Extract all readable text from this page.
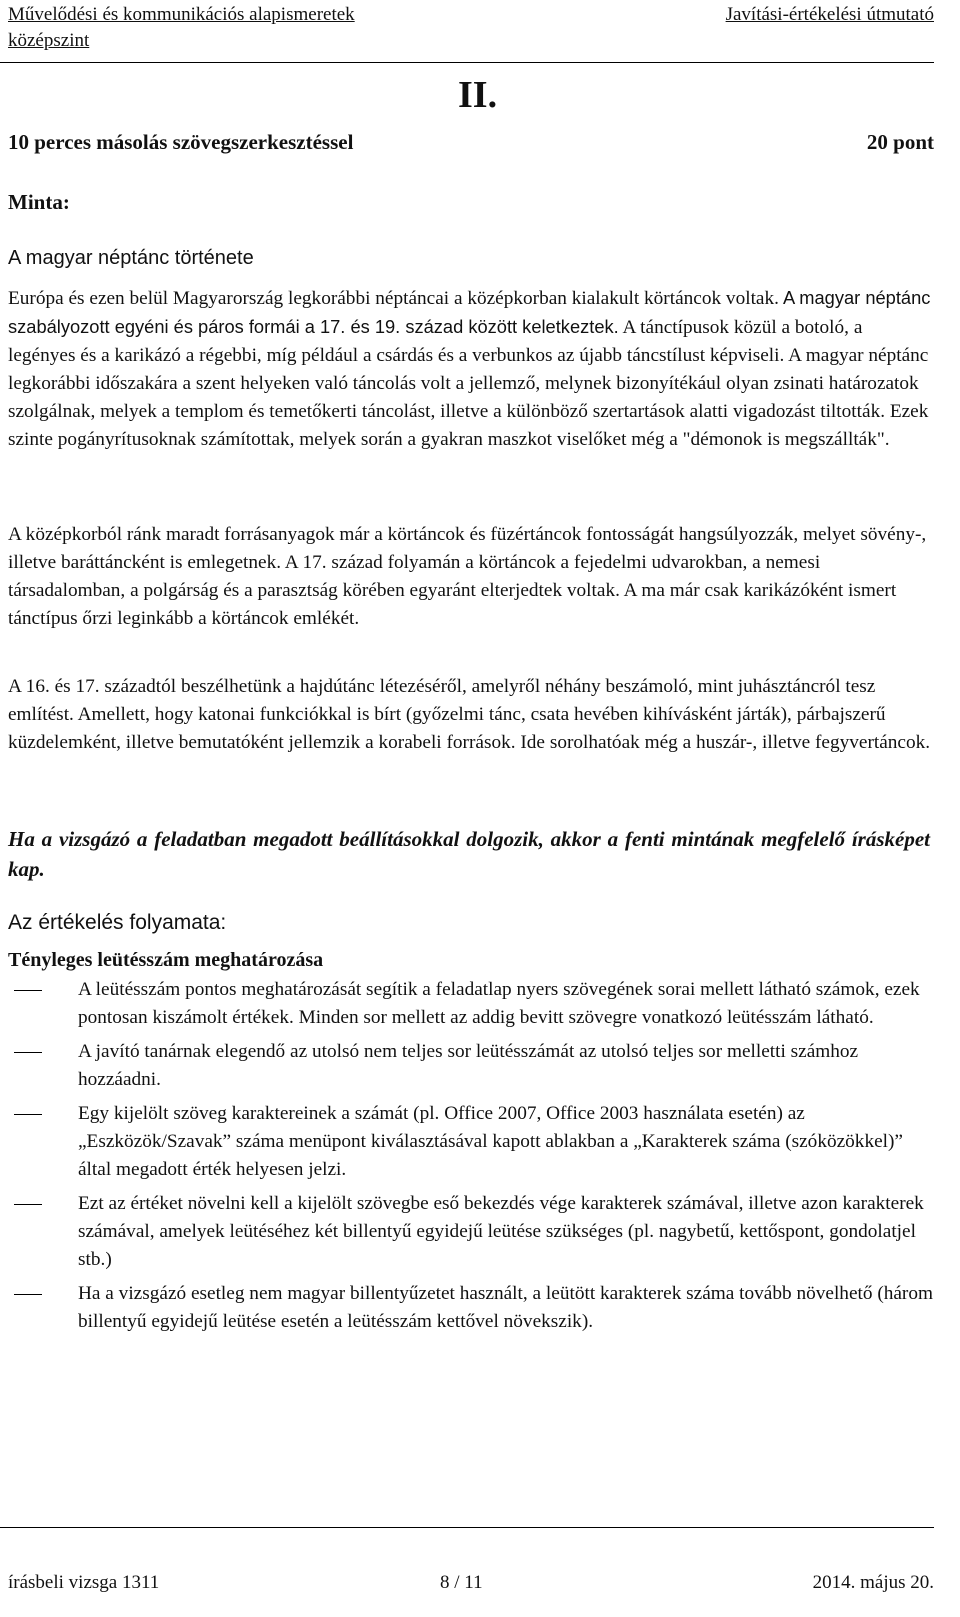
Művelődési és kommunikációs alapismeretek
középszint
Javítási-értékelési útmutató
II.
10 perces másolás szövegszerkesztéssel	20 pont
Minta:
A magyar néptánc története

Európa és ezen belül Magyarország legkorábbi néptáncai a középkorban kialakult körtáncok voltak. A magyar néptánc szabályozott egyéni és páros formái a 17. és 19. század között keletkeztek. A tánctípusok közül a botoló, a legényes és a karikázó a régebbi, míg például a csárdás és a verbunkos az újabb táncstílust képviseli. A magyar néptánc legkorábbi időszakára a szent helyeken való táncolás volt a jellemző, melynek bizonyítékául olyan zsinati határozatok szolgálnak, melyek a templom és temetőkerti táncolást, illetve a különböző szertartások alatti vigadozást tiltották. Ezek szinte pogányrítusoknak számítottak, melyek során a gyakran maszkot viselőket még a "démonok is megszállták".

A középkorból ránk maradt forrásanyagok már a körtáncok és füzértáncok fontosságát hangsúlyozzák, melyet sövény-, illetve baráttáncként is emlegetnek. A 17. század folyamán a körtáncok a fejedelmi udvarokban, a nemesi társadalomban, a polgárság és a parasztság körében egyaránt elterjedtek voltak. A ma már csak karikázóként ismert tánctípus őrzi leginkább a körtáncok emlékét.

A 16. és 17. századtól beszélhetünk a hajdútánc létezéséről, amelyről néhány beszámoló, mint juhásztáncról tesz említést. Amellett, hogy katonai funkciókkal is bírt (győzelmi tánc, csata hevében kihívásként járták), párbajszerű küzdelemként, illetve bemutatóként jellemzik a korabeli források. Ide sorolhatóak még a huszár-, illetve fegyvertáncok.

Ha a vizsgázó a feladatban megadott beállításokkal dolgozik, akkor a fenti mintának megfelelő írásképet kap.
Az értékelés folyamata:
Tényleges leütésszám meghatározása
A leütésszám pontos meghatározását segítik a feladatlap nyers szövegének sorai mellett látható számok, ezek pontosan kiszámolt értékek. Minden sor mellett az addig bevitt szövegre vonatkozó leütésszám látható.
A javító tanárnak elegendő az utolsó nem teljes sor leütésszámát az utolsó teljes sor melletti számhoz hozzáadni.
Egy kijelölt szöveg karaktereinek a számát (pl. Office 2007, Office 2003 használata esetén) az „Eszközök/Szavak” száma menüpont kiválasztásával kapott ablakban a „Karakterek száma (szóközökkel)” által megadott érték helyesen jelzi.
Ezt az értéket növelni kell a kijelölt szövegbe eső bekezdés vége karakterek számával, illetve azon karakterek számával, amelyek leütéséhez két billentyű egyidejű leütése szükséges (pl. nagybetű, kettőspont, gondolatjel stb.)
Ha a vizsgázó esetleg nem magyar billentyűzetet használt, a leütött karakterek száma tovább növelhető (három billentyű egyidejű leütése esetén a leütésszám kettővel növekszik).
írásbeli vizsga 1311	8 / 11	2014. május 20.
